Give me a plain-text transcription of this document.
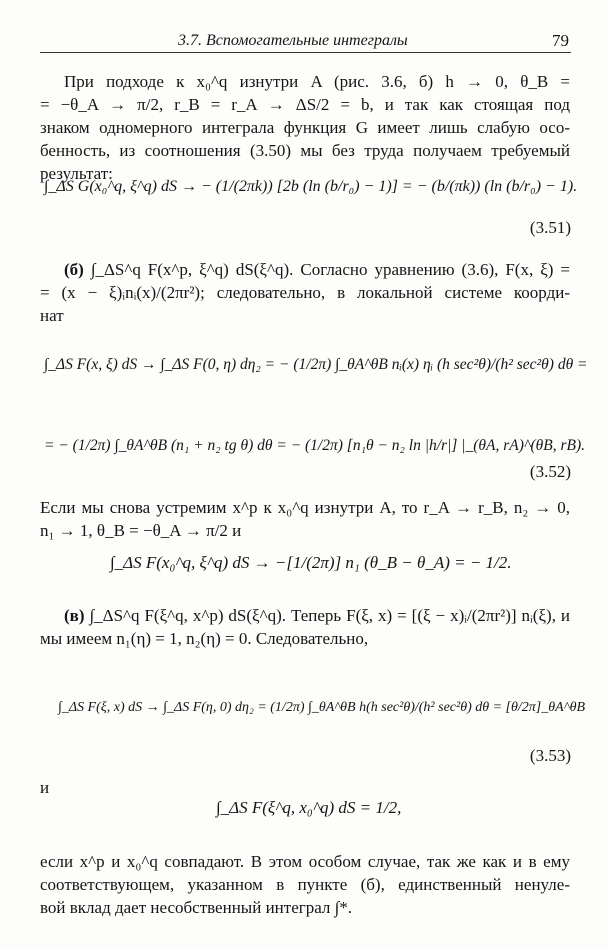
3.7. Вспомогательные интегралы	79
При подходе к x₀^q изнутри A (рис. 3.6, б) h → 0, θ_B =
= −θ_A → π/2, r_B = r_A → ΔS/2 = b, и так как стоящая под
знаком одномерного интеграла функция G имеет лишь слабую осо-
бенность, из соотношения (3.50) мы без труда получаем требуемый
результат:
∫_ΔS G(x₀^q, ξ^q) dS → − (1/(2πk)) [2b (ln (b/r₀) − 1)] = − (b/(πk)) (ln (b/r₀) − 1).
(3.51)
(б) ∫_ΔS^q F(x^p, ξ^q) dS(ξ^q). Согласно уравнению (3.6), F(x, ξ) =
= (x − ξ)ᵢnᵢ(x)/(2πr²); следовательно, в локальной системе коорди-
нат
∫_ΔS F(x, ξ) dS → ∫_ΔS F(0, η) dη₂ = − (1/2π) ∫_θA^θB nᵢ(x) ηᵢ (h sec²θ)/(h² sec²θ) dθ =
= − (1/2π) ∫_θA^θB (n₁ + n₂ tg θ) dθ = − (1/2π) [n₁θ − n₂ ln |h/r|] |_(θA, rA)^(θB, rB).
(3.52)
Если мы снова устремим x^p к x₀^q изнутри A, то r_A → r_B, n₂ → 0,
n₁ → 1, θ_B = −θ_A → π/2 и
∫_ΔS F(x₀^q, ξ^q) dS → −[1/(2π)] n₁ (θ_B − θ_A) = − 1/2.
(в) ∫_ΔS^q F(ξ^q, x^p) dS(ξ^q). Теперь F(ξ, x) = [(ξ − x)ᵢ/(2πr²)] nᵢ(ξ), и
мы имеем n₁(η) = 1, n₂(η) = 0. Следовательно,
∫_ΔS F(ξ, x) dS → ∫_ΔS F(η, 0) dη₂ = (1/2π) ∫_θA^θB h(h sec²θ)/(h² sec²θ) dθ = [θ/2π]_θA^θB
(3.53)
и
∫_ΔS F(ξ^q, x₀^q) dS = 1/2,
если x^p и x₀^q совпадают. В этом особом случае, так же как и в ему
соответствующем, указанном в пункте (б), единственный ненуле-
вой вклад дает несобственный интеграл ∫*.
